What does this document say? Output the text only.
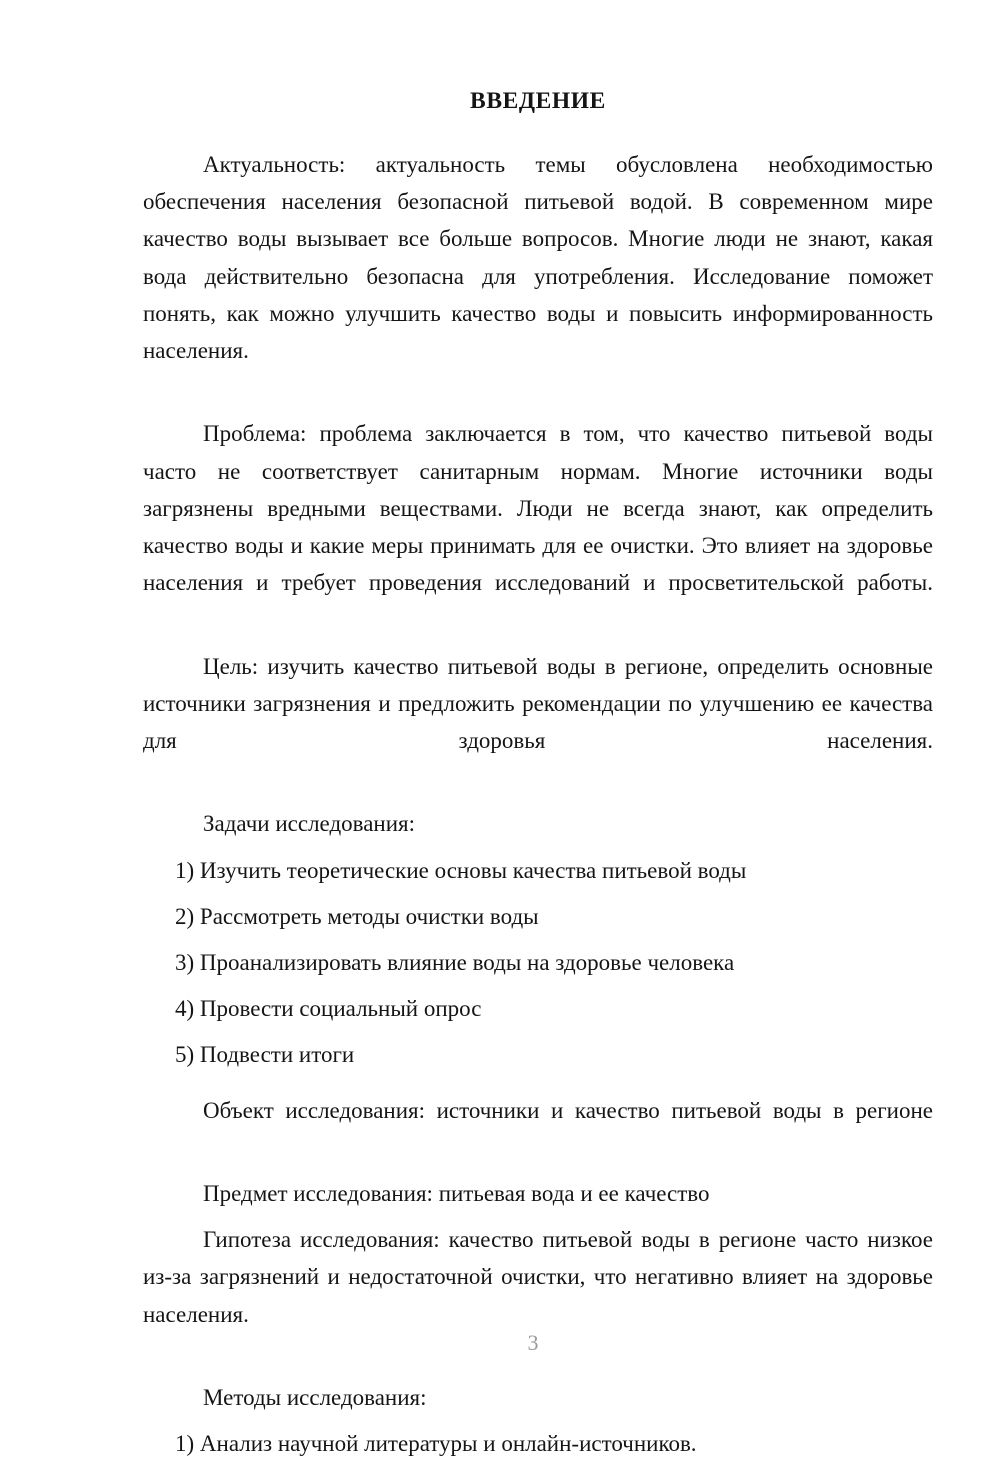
ВВЕДЕНИЕ

Актуальность: актуальность темы обусловлена необходимостью обеспечения населения безопасной питьевой водой. В современном мире качество воды вызывает все больше вопросов. Многие люди не знают, какая вода действительно безопасна для употребления. Исследование поможет понять, как можно улучшить качество воды и повысить информированность населения.

Проблема: проблема заключается в том, что качество питьевой воды часто не соответствует санитарным нормам. Многие источники воды загрязнены вредными веществами. Люди не всегда знают, как определить качество воды и какие меры принимать для ее очистки. Это влияет на здоровье населения и требует проведения исследований и просветительской работы.

Цель: изучить качество питьевой воды в регионе, определить основные источники загрязнения и предложить рекомендации по улучшению ее качества для здоровья населения.

Задачи исследования:

1) Изучить теоретические основы качества питьевой воды
2) Рассмотреть методы очистки воды
3) Проанализировать влияние воды на здоровье человека
4) Провести социальный опрос
5) Подвести итоги

Объект исследования: источники и качество питьевой воды в регионе

Предмет исследования: питьевая вода и ее качество

Гипотеза исследования: качество питьевой воды в регионе часто низкое из-за загрязнений и недостаточной очистки, что негативно влияет на здоровье населения.

Методы исследования:

1) Анализ научной литературы и онлайн-источников.
3
